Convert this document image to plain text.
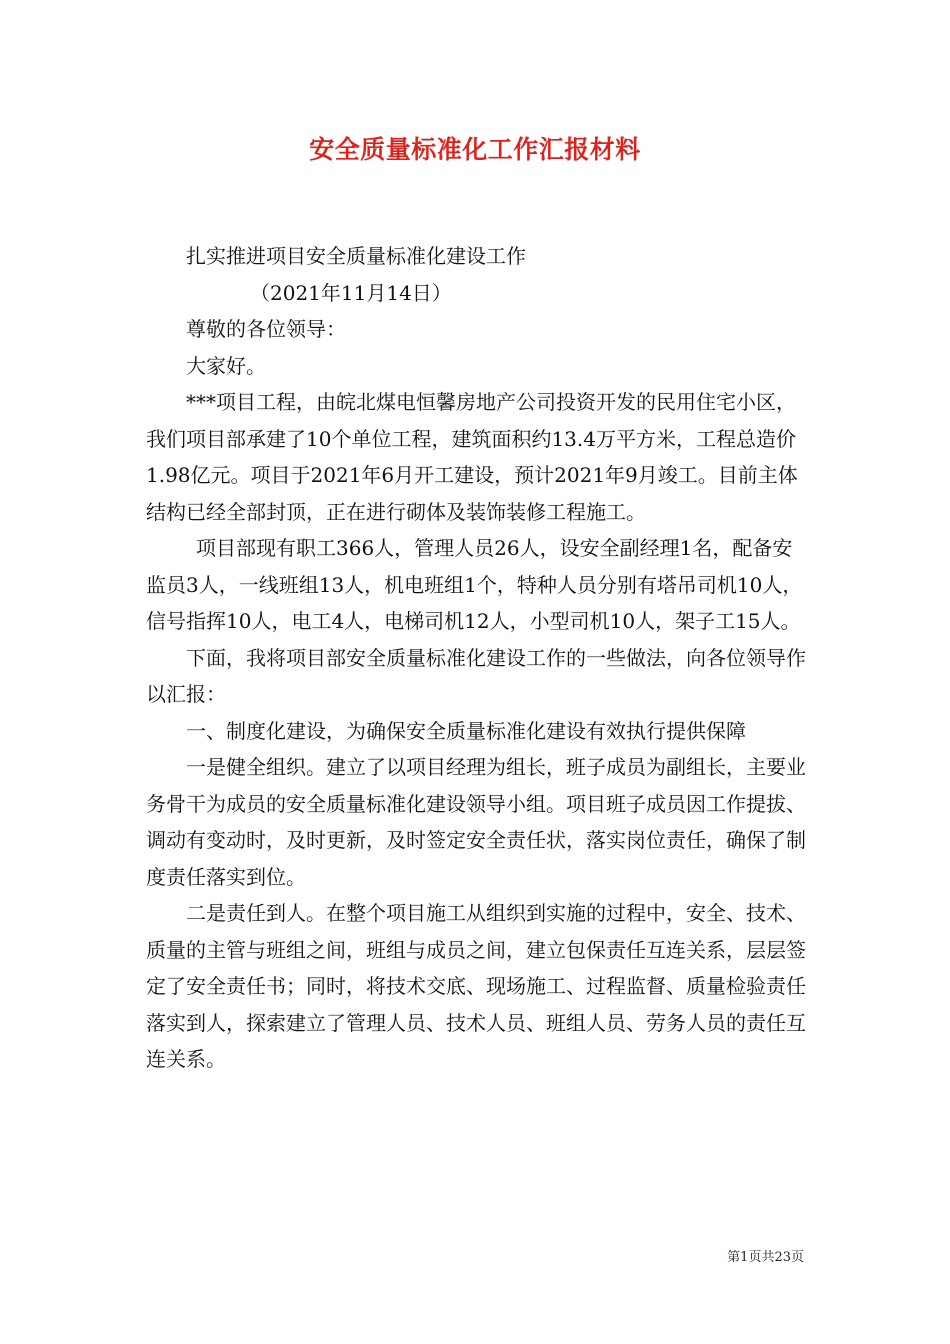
安全质量标准化工作汇报材料

扎实推进项目安全质量标准化建设工作

（2021年11月14日）

尊敬的各位领导：

大家好。

***项目工程，由皖北煤电恒馨房地产公司投资开发的民用住宅小区，我们项目部承建了10个单位工程，建筑面积约13.4万平方米，工程总造价1.98亿元。项目于2021年6月开工建设，预计2021年9月竣工。目前主体结构已经全部封顶，正在进行砌体及装饰装修工程施工。

项目部现有职工366人，管理人员26人，设安全副经理1名，配备安监员3人，一线班组13人，机电班组1个，特种人员分别有塔吊司机10人，信号指挥10人，电工4人，电梯司机12人，小型司机10人，架子工15人。

下面，我将项目部安全质量标准化建设工作的一些做法，向各位领导作以汇报：

一、制度化建设，为确保安全质量标准化建设有效执行提供保障

一是健全组织。建立了以项目经理为组长，班子成员为副组长，主要业务骨干为成员的安全质量标准化建设领导小组。项目班子成员因工作提拔、调动有变动时，及时更新，及时签定安全责任状，落实岗位责任，确保了制度责任落实到位。

二是责任到人。在整个项目施工从组织到实施的过程中，安全、技术、质量的主管与班组之间，班组与成员之间，建立包保责任互连关系，层层签定了安全责任书；同时，将技术交底、现场施工、过程监督、质量检验责任落实到人，探索建立了管理人员、技术人员、班组人员、劳务人员的责任互连关系。

第1页共23页
